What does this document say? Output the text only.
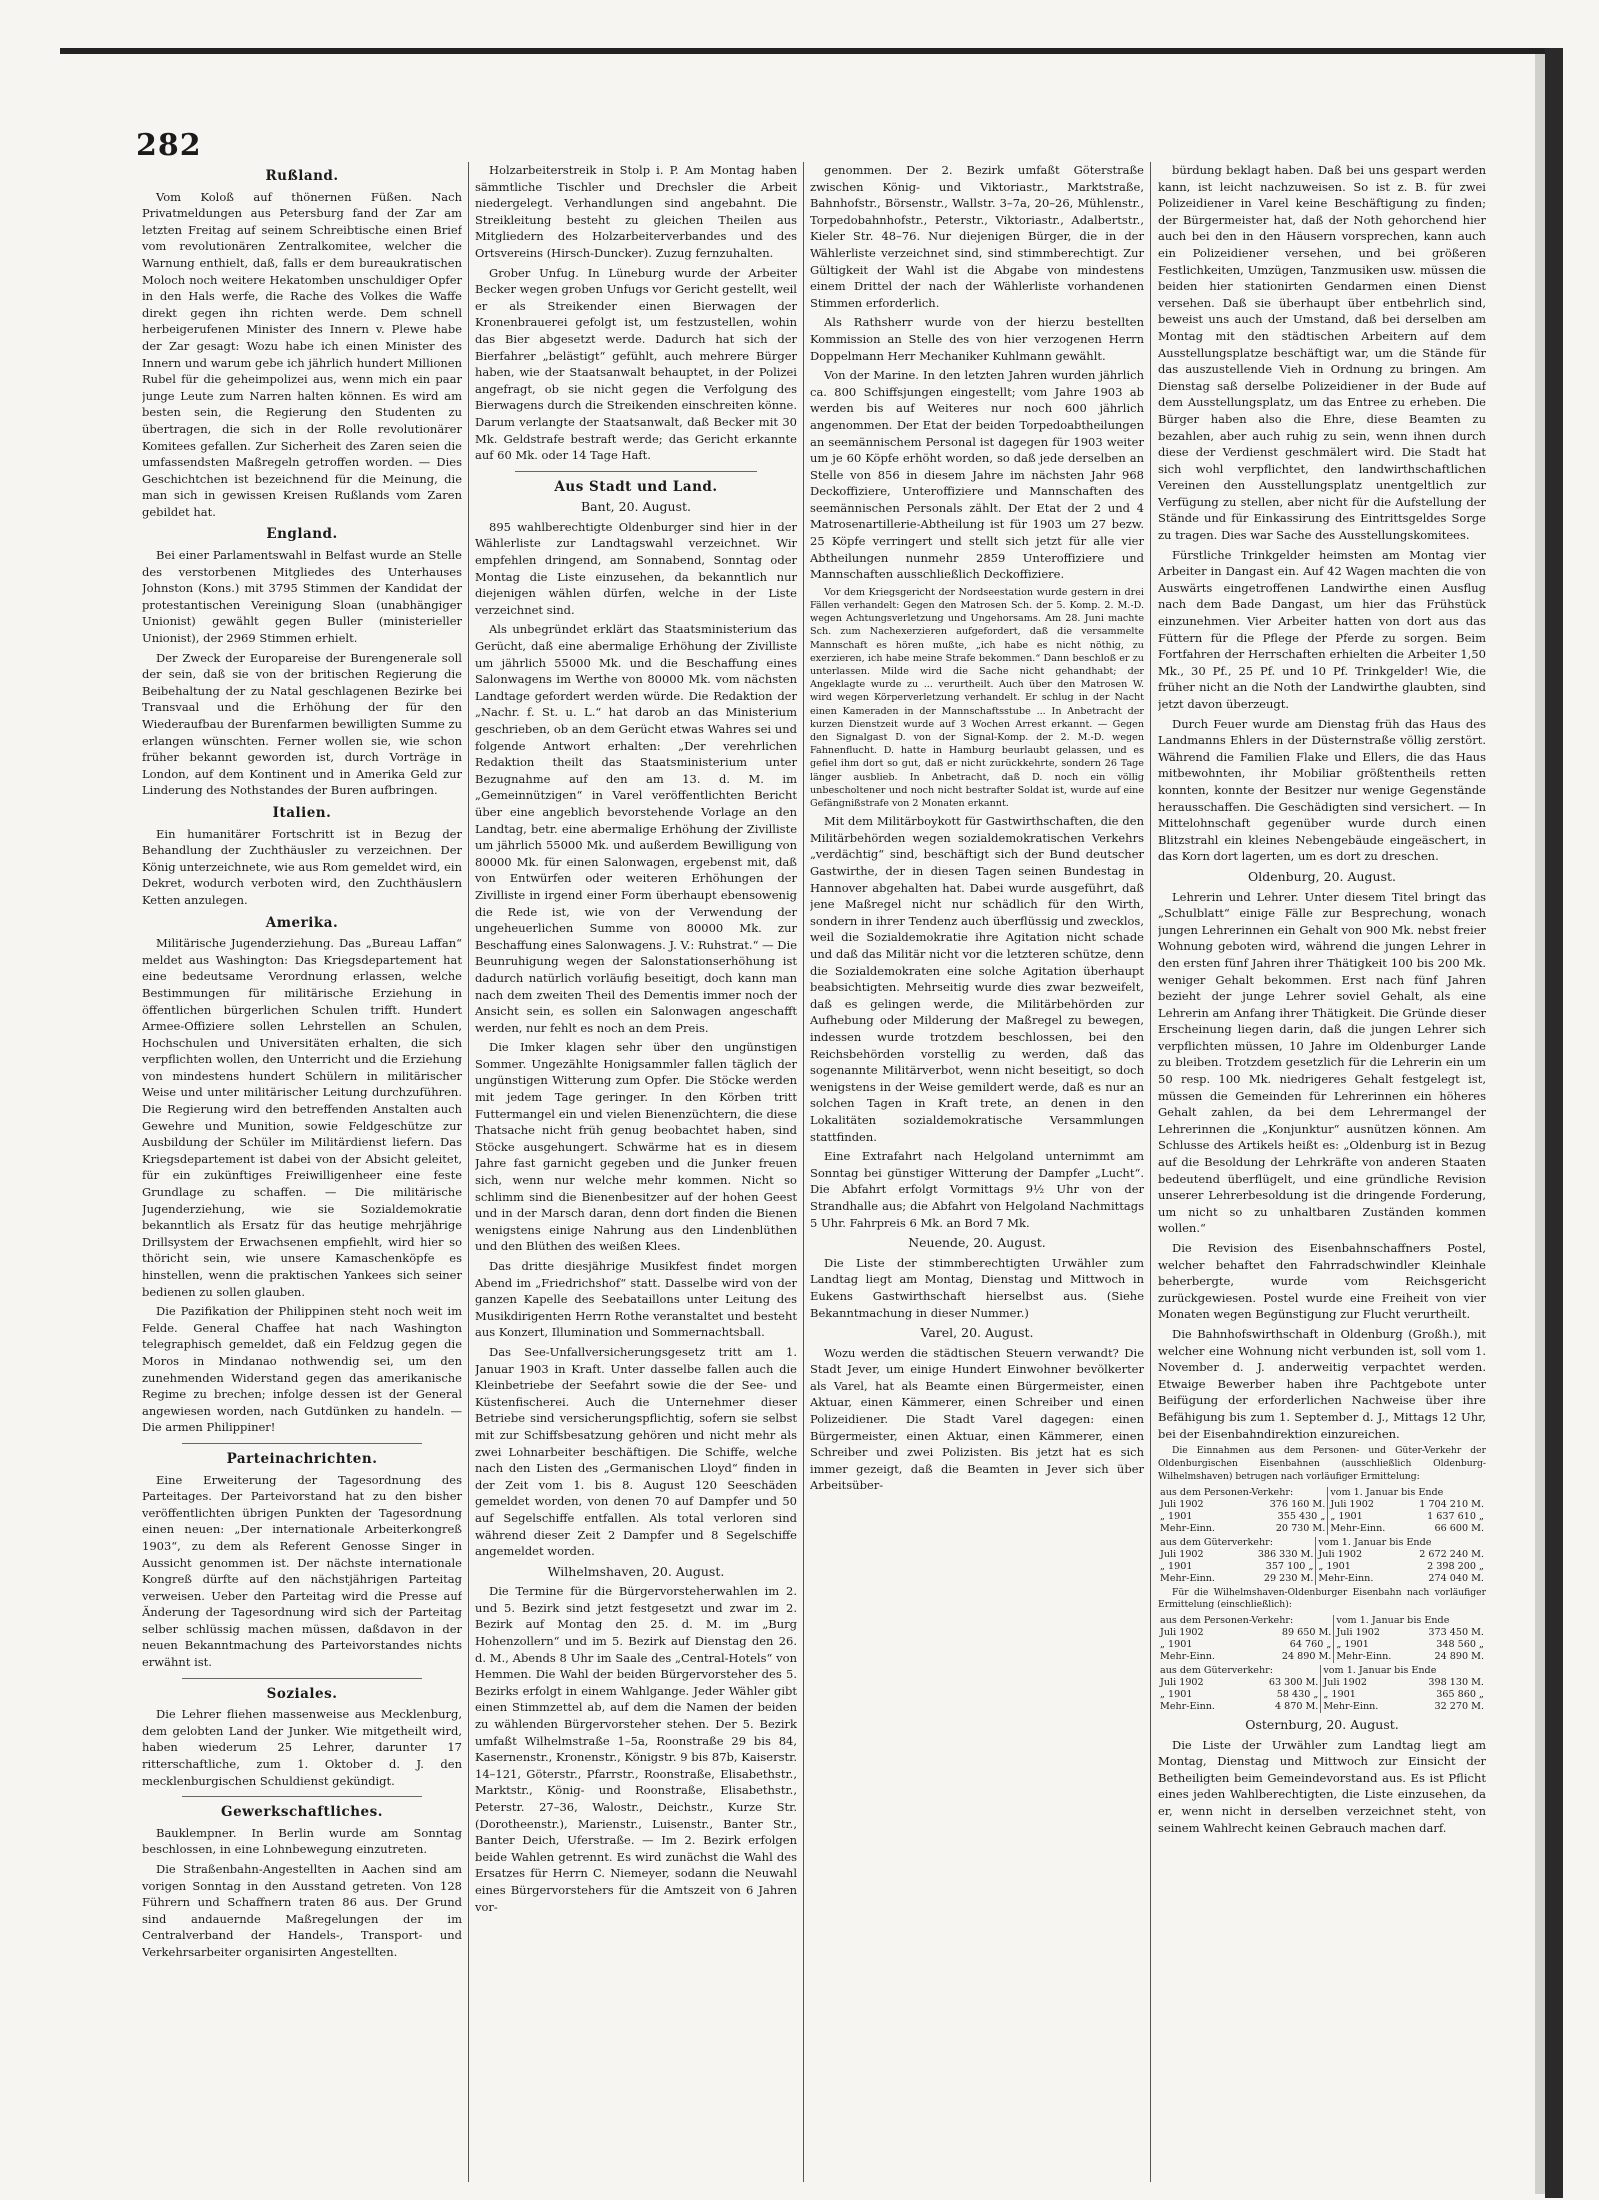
282
Rußland.

Vom Koloß auf thönernen Füßen. Nach Privatmeldungen aus Petersburg fand der Zar am letzten Freitag auf seinem Schreibtische einen Brief vom revolutionären Zentralkomitee, welcher die Warnung enthielt, daß, falls er dem bureaukratischen Moloch noch weitere Hekatomben unschuldiger Opfer in den Hals werfe, die Rache des Volkes die Waffe direkt gegen ihn richten werde. Dem schnell herbeigerufenen Minister des Innern v. Plewe habe der Zar gesagt: Wozu habe ich einen Minister des Innern und warum gebe ich jährlich hundert Millionen Rubel für die geheimpolizei aus, wenn mich ein paar junge Leute zum Narren halten können. Es wird am besten sein, die Regierung den Studenten zu übertragen, die sich in der Rolle revolutionärer Komitees gefallen. Zur Sicherheit des Zaren seien die umfassendsten Maßregeln getroffen worden. — Dies Geschichtchen ist bezeichnend für die Meinung, die man sich in gewissen Kreisen Rußlands vom Zaren gebildet hat.

England.

Bei einer Parlamentswahl in Belfast wurde an Stelle des verstorbenen Mitgliedes des Unterhauses Johnston (Kons.) mit 3795 Stimmen der Kandidat der protestantischen Vereinigung Sloan (unabhängiger Unionist) gewählt gegen Buller (ministerieller Unionist), der 2969 Stimmen erhielt.

Der Zweck der Europareise der Burengenerale soll der sein, daß sie von der britischen Regierung die Beibehaltung der zu Natal geschlagenen Bezirke bei Transvaal und die Erhöhung der für den Wiederaufbau der Burenfarmen bewilligten Summe zu erlangen wünschten. Ferner wollen sie, wie schon früher bekannt geworden ist, durch Vorträge in London, auf dem Kontinent und in Amerika Geld zur Linderung des Nothstandes der Buren aufbringen.

Italien.

Ein humanitärer Fortschritt ist in Bezug der Behandlung der Zuchthäusler zu verzeichnen. Der König unterzeichnete, wie aus Rom gemeldet wird, ein Dekret, wodurch verboten wird, den Zuchthäuslern Ketten anzulegen.

Amerika.

Militärische Jugenderziehung. Das „Bureau Laffan“ meldet aus Washington: Das Kriegsdepartement hat eine bedeutsame Verordnung erlassen, welche Bestimmungen für militärische Erziehung in öffentlichen bürgerlichen Schulen trifft. Hundert Armee-Offiziere sollen Lehrstellen an Schulen, Hochschulen und Universitäten erhalten, die sich verpflichten wollen, den Unterricht und die Erziehung von mindestens hundert Schülern in militärischer Weise und unter militärischer Leitung durchzuführen. Die Regierung wird den betreffenden Anstalten auch Gewehre und Munition, sowie Feldgeschütze zur Ausbildung der Schüler im Militärdienst liefern. Das Kriegsdepartement ist dabei von der Absicht geleitet, für ein zukünftiges Freiwilligenheer eine feste Grundlage zu schaffen. — Die militärische Jugenderziehung, wie sie Sozialdemokratie bekanntlich als Ersatz für das heutige mehrjährige Drillsystem der Erwachsenen empfiehlt, wird hier so thöricht sein, wie unsere Kamaschenköpfe es hinstellen, wenn die praktischen Yankees sich seiner bedienen zu sollen glauben.

Die Pazifikation der Philippinen steht noch weit im Felde. General Chaffee hat nach Washington telegraphisch gemeldet, daß ein Feldzug gegen die Moros in Mindanao nothwendig sei, um den zunehmenden Widerstand gegen das amerikanische Regime zu brechen; infolge dessen ist der General angewiesen worden, nach Gutdünken zu handeln. — Die armen Philippiner!

Parteinachrichten.

Eine Erweiterung der Tagesordnung des Parteitages. Der Parteivorstand hat zu den bisher veröffentlichten übrigen Punkten der Tagesordnung einen neuen: „Der internationale Arbeiterkongreß 1903“, zu dem als Referent Genosse Singer in Aussicht genommen ist. Der nächste internationale Kongreß dürfte auf den nächstjährigen Parteitag verweisen. Ueber den Parteitag wird die Presse auf Änderung der Tagesordnung wird sich der Parteitag selber schlüssig machen müssen, daßdavon in der neuen Bekanntmachung des Parteivorstandes nichts erwähnt ist.

Soziales.

Die Lehrer fliehen massenweise aus Mecklenburg, dem gelobten Land der Junker. Wie mitgetheilt wird, haben wiederum 25 Lehrer, darunter 17 ritterschaftliche, zum 1. Oktober d. J. den mecklenburgischen Schuldienst gekündigt.

Gewerkschaftliches.

Bauklempner. In Berlin wurde am Sonntag beschlossen, in eine Lohnbewegung einzutreten.

Die Straßenbahn-Angestellten in Aachen sind am vorigen Sonntag in den Ausstand getreten. Von 128 Führern und Schaffnern traten 86 aus. Der Grund sind andauernde Maßregelungen der im Centralverband der Handels-, Transport- und Verkehrsarbeiter organisirten Angestellten.

Holzarbeiterstreik in Stolp i. P. Am Montag haben sämmtliche Tischler und Drechsler die Arbeit niedergelegt. Verhandlungen sind angebahnt. Die Streikleitung besteht zu gleichen Theilen aus Mitgliedern des Holzarbeiterverbandes und des Ortsvereins (Hirsch-Duncker). Zuzug fernzuhalten.

Grober Unfug. In Lüneburg wurde der Arbeiter Becker wegen groben Unfugs vor Gericht gestellt, weil er als Streikender einen Bierwagen der Kronenbrauerei gefolgt ist, um festzustellen, wohin das Bier abgesetzt werde. Dadurch hat sich der Bierfahrer „belästigt“ gefühlt, auch mehrere Bürger haben, wie der Staatsanwalt behauptet, in der Polizei angefragt, ob sie nicht gegen die Verfolgung des Bierwagens durch die Streikenden einschreiten könne. Darum verlangte der Staatsanwalt, daß Becker mit 30 Mk. Geldstrafe bestraft werde; das Gericht erkannte auf 60 Mk. oder 14 Tage Haft.

Aus Stadt und Land.
Bant, 20. August.

895 wahlberechtigte Oldenburger sind hier in der Wählerliste zur Landtagswahl verzeichnet. Wir empfehlen dringend, am Sonnabend, Sonntag oder Montag die Liste einzusehen, da bekanntlich nur diejenigen wählen dürfen, welche in der Liste verzeichnet sind.

Als unbegründet erklärt das Staatsministerium das Gerücht, daß eine abermalige Erhöhung der Zivilliste um jährlich 55000 Mk. und die Beschaffung eines Salonwagens im Werthe von 80000 Mk. vom nächsten Landtage gefordert werden würde. Die Redaktion der „Nachr. f. St. u. L.“ hat darob an das Ministerium geschrieben, ob an dem Gerücht etwas Wahres sei und folgende Antwort erhalten: „Der verehrlichen Redaktion theilt das Staatsministerium unter Bezugnahme auf den am 13. d. M. im „Gemeinnützigen“ in Varel veröffentlichten Bericht über eine angeblich bevorstehende Vorlage an den Landtag, betr. eine abermalige Erhöhung der Zivilliste um jährlich 55000 Mk. und außerdem Bewilligung von 80000 Mk. für einen Salonwagen, ergebenst mit, daß von Entwürfen oder weiteren Erhöhungen der Zivilliste in irgend einer Form überhaupt ebensowenig die Rede ist, wie von der Verwendung der ungeheuerlichen Summe von 80000 Mk. zur Beschaffung eines Salonwagens. J. V.: Ruhstrat.“ — Die Beunruhigung wegen der Salonstationserhöhung ist dadurch natürlich vorläufig beseitigt, doch kann man nach dem zweiten Theil des Dementis immer noch der Ansicht sein, es sollen ein Salonwagen angeschafft werden, nur fehlt es noch an dem Preis.

Die Imker klagen sehr über den ungünstigen Sommer. Ungezählte Honigsammler fallen täglich der ungünstigen Witterung zum Opfer. Die Stöcke werden mit jedem Tage geringer. In den Körben tritt Futtermangel ein und vielen Bienenzüchtern, die diese Thatsache nicht früh genug beobachtet haben, sind Stöcke ausgehungert. Schwärme hat es in diesem Jahre fast garnicht gegeben und die Junker freuen sich, wenn nur welche mehr kommen. Nicht so schlimm sind die Bienenbesitzer auf der hohen Geest und in der Marsch daran, denn dort finden die Bienen wenigstens einige Nahrung aus den Lindenblüthen und den Blüthen des weißen Klees.

Das dritte diesjährige Musikfest findet morgen Abend im „Friedrichshof“ statt. Dasselbe wird von der ganzen Kapelle des Seebataillons unter Leitung des Musikdirigenten Herrn Rothe veranstaltet und besteht aus Konzert, Illumination und Sommernachtsball.

Das See-Unfallversicherungsgesetz tritt am 1. Januar 1903 in Kraft. Unter dasselbe fallen auch die Kleinbetriebe der Seefahrt sowie die der See- und Küstenfischerei. Auch die Unternehmer dieser Betriebe sind versicherungspflichtig, sofern sie selbst mit zur Schiffsbesatzung gehören und nicht mehr als zwei Lohnarbeiter beschäftigen. Die Schiffe, welche nach den Listen des „Germanischen Lloyd“ finden in der Zeit vom 1. bis 8. August 120 Seeschäden gemeldet worden, von denen 70 auf Dampfer und 50 auf Segelschiffe entfallen. Als total verloren sind während dieser Zeit 2 Dampfer und 8 Segelschiffe angemeldet worden.

Wilhelmshaven, 20. August.

Die Termine für die Bürgervorsteherwahlen im 2. und 5. Bezirk sind jetzt festgesetzt und zwar im 2. Bezirk auf Montag den 25. d. M. im „Burg Hohenzollern“ und im 5. Bezirk auf Dienstag den 26. d. M., Abends 8 Uhr im Saale des „Central-Hotels“ von Hemmen. Die Wahl der beiden Bürgervorsteher des 5. Bezirks erfolgt in einem Wahlgange. Jeder Wähler gibt einen Stimmzettel ab, auf dem die Namen der beiden zu wählenden Bürgervorsteher stehen. Der 5. Bezirk umfaßt Wilhelmstraße 1–5a, Roonstraße 29 bis 84, Kasernenstr., Kronenstr., Königstr. 9 bis 87b, Kaiserstr. 14–121, Göterstr., Pfarrstr., Roonstraße, Elisabethstr., Marktstr., König- und Roonstraße, Elisabethstr., Peterstr. 27–36, Walostr., Deichstr., Kurze Str. (Dorotheenstr.), Marienstr., Luisenstr., Banter Str., Banter Deich, Uferstraße. — Im 2. Bezirk erfolgen beide Wahlen getrennt. Es wird zunächst die Wahl des Ersatzes für Herrn C. Niemeyer, sodann die Neuwahl eines Bürgervorstehers für die Amtszeit von 6 Jahren vor-

genommen. Der 2. Bezirk umfaßt Göterstraße zwischen König- und Viktoriastr., Marktstraße, Bahnhofstr., Börsenstr., Wallstr. 3–7a, 20–26, Mühlenstr., Torpedobahnhofstr., Peterstr., Viktoriastr., Adalbertstr., Kieler Str. 48–76. Nur diejenigen Bürger, die in der Wählerliste verzeichnet sind, sind stimmberechtigt. Zur Gültigkeit der Wahl ist die Abgabe von mindestens einem Drittel der nach der Wählerliste vorhandenen Stimmen erforderlich.

Als Rathsherr wurde von der hierzu bestellten Kommission an Stelle des von hier verzogenen Herrn Doppelmann Herr Mechaniker Kuhlmann gewählt.

Von der Marine. In den letzten Jahren wurden jährlich ca. 800 Schiffsjungen eingestellt; vom Jahre 1903 ab werden bis auf Weiteres nur noch 600 jährlich angenommen. Der Etat der beiden Torpedoabtheilungen an seemännischem Personal ist dagegen für 1903 weiter um je 60 Köpfe erhöht worden, so daß jede derselben an Stelle von 856 in diesem Jahre im nächsten Jahr 968 Deckoffiziere, Unteroffiziere und Mannschaften des seemännischen Personals zählt. Der Etat der 2 und 4 Matrosenartillerie-Abtheilung ist für 1903 um 27 bezw. 25 Köpfe verringert und stellt sich jetzt für alle vier Abtheilungen nunmehr 2859 Unteroffiziere und Mannschaften ausschließlich Deckoffiziere.

Vor dem Kriegsgericht der Nordseestation wurde gestern in drei Fällen verhandelt: Gegen den Matrosen Sch. der 5. Komp. 2. M.-D. wegen Achtungsverletzung und Ungehorsams. Am 28. Juni machte Sch. zum Nachexerzieren aufgefordert, daß die versammelte Mannschaft es hören mußte, „ich habe es nicht nöthig, zu exerzieren, ich habe meine Strafe bekommen.“ Dann beschloß er zu unterlassen. Milde wird die Sache nicht gehandhabt; der Angeklagte wurde zu ... verurtheilt. Auch über den Matrosen W. wird wegen Körperverletzung verhandelt. Er schlug in der Nacht einen Kameraden in der Mannschaftsstube ... In Anbetracht der kurzen Dienstzeit wurde auf 3 Wochen Arrest erkannt. — Gegen den Signalgast D. von der Signal-Komp. der 2. M.-D. wegen Fahnenflucht. D. hatte in Hamburg beurlaubt gelassen, und es gefiel ihm dort so gut, daß er nicht zurückkehrte, sondern 26 Tage länger ausblieb. In Anbetracht, daß D. noch ein völlig unbescholtener und noch nicht bestrafter Soldat ist, wurde auf eine Gefängnißstrafe von 2 Monaten erkannt.

Mit dem Militärboykott für Gastwirthschaften, die den Militärbehörden wegen sozialdemokratischen Verkehrs „verdächtig“ sind, beschäftigt sich der Bund deutscher Gastwirthe, der in diesen Tagen seinen Bundestag in Hannover abgehalten hat. Dabei wurde ausgeführt, daß jene Maßregel nicht nur schädlich für den Wirth, sondern in ihrer Tendenz auch überflüssig und zwecklos, weil die Sozialdemokratie ihre Agitation nicht schade und daß das Militär nicht vor die letzteren schütze, denn die Sozialdemokraten eine solche Agitation überhaupt beabsichtigten. Mehrseitig wurde dies zwar bezweifelt, daß es gelingen werde, die Militärbehörden zur Aufhebung oder Milderung der Maßregel zu bewegen, indessen wurde trotzdem beschlossen, bei den Reichsbehörden vorstellig zu werden, daß das sogenannte Militärverbot, wenn nicht beseitigt, so doch wenigstens in der Weise gemildert werde, daß es nur an solchen Tagen in Kraft trete, an denen in den Lokalitäten sozialdemokratische Versammlungen stattfinden.

Eine Extrafahrt nach Helgoland unternimmt am Sonntag bei günstiger Witterung der Dampfer „Lucht“. Die Abfahrt erfolgt Vormittags 9½ Uhr von der Strandhalle aus; die Abfahrt von Helgoland Nachmittags 5 Uhr. Fahrpreis 6 Mk. an Bord 7 Mk.

Neuende, 20. August.

Die Liste der stimmberechtigten Urwähler zum Landtag liegt am Montag, Dienstag und Mittwoch in Eukens Gastwirthschaft hierselbst aus. (Siehe Bekanntmachung in dieser Nummer.)

Varel, 20. August.

Wozu werden die städtischen Steuern verwandt? Die Stadt Jever, um einige Hundert Einwohner bevölkerter als Varel, hat als Beamte einen Bürgermeister, einen Aktuar, einen Kämmerer, einen Schreiber und einen Polizeidiener. Die Stadt Varel dagegen: einen Bürgermeister, einen Aktuar, einen Kämmerer, einen Schreiber und zwei Polizisten. Bis jetzt hat es sich immer gezeigt, daß die Beamten in Jever sich über Arbeitsüber-

bürdung beklagt haben. Daß bei uns gespart werden kann, ist leicht nachzuweisen. So ist z. B. für zwei Polizeidiener in Varel keine Beschäftigung zu finden; der Bürgermeister hat, daß der Noth gehorchend hier auch bei den in den Häusern vorsprechen, kann auch ein Polizeidiener versehen, und bei größeren Festlichkeiten, Umzügen, Tanzmusiken usw. müssen die beiden hier stationirten Gendarmen einen Dienst versehen. Daß sie überhaupt über entbehrlich sind, beweist uns auch der Umstand, daß bei derselben am Montag mit den städtischen Arbeitern auf dem Ausstellungsplatze beschäftigt war, um die Stände für das auszustellende Vieh in Ordnung zu bringen. Am Dienstag saß derselbe Polizeidiener in der Bude auf dem Ausstellungsplatz, um das Entree zu erheben. Die Bürger haben also die Ehre, diese Beamten zu bezahlen, aber auch ruhig zu sein, wenn ihnen durch diese der Verdienst geschmälert wird. Die Stadt hat sich wohl verpflichtet, den landwirthschaftlichen Vereinen den Ausstellungsplatz unentgeltlich zur Verfügung zu stellen, aber nicht für die Aufstellung der Stände und für Einkassirung des Eintrittsgeldes Sorge zu tragen. Dies war Sache des Ausstellungskomitees.

Fürstliche Trinkgelder heimsten am Montag vier Arbeiter in Dangast ein. Auf 42 Wagen machten die von Auswärts eingetroffenen Landwirthe einen Ausflug nach dem Bade Dangast, um hier das Frühstück einzunehmen. Vier Arbeiter hatten von dort aus das Füttern für die Pflege der Pferde zu sorgen. Beim Fortfahren der Herrschaften erhielten die Arbeiter 1,50 Mk., 30 Pf., 25 Pf. und 10 Pf. Trinkgelder! Wie, die früher nicht an die Noth der Landwirthe glaubten, sind jetzt davon überzeugt.

Durch Feuer wurde am Dienstag früh das Haus des Landmanns Ehlers in der Düsternstraße völlig zerstört. Während die Familien Flake und Ellers, die das Haus mitbewohnten, ihr Mobiliar größtentheils retten konnten, konnte der Besitzer nur wenige Gegenstände herausschaffen. Die Geschädigten sind versichert. — In Mittelohnschaft gegenüber wurde durch einen Blitzstrahl ein kleines Nebengebäude eingeäschert, in das Korn dort lagerten, um es dort zu dreschen.

Oldenburg, 20. August.

Lehrerin und Lehrer. Unter diesem Titel bringt das „Schulblatt“ einige Fälle zur Besprechung, wonach jungen Lehrerinnen ein Gehalt von 900 Mk. nebst freier Wohnung geboten wird, während die jungen Lehrer in den ersten fünf Jahren ihrer Thätigkeit 100 bis 200 Mk. weniger Gehalt bekommen. Erst nach fünf Jahren bezieht der junge Lehrer soviel Gehalt, als eine Lehrerin am Anfang ihrer Thätigkeit. Die Gründe dieser Erscheinung liegen darin, daß die jungen Lehrer sich verpflichten müssen, 10 Jahre im Oldenburger Lande zu bleiben. Trotzdem gesetzlich für die Lehrerin ein um 50 resp. 100 Mk. niedrigeres Gehalt festgelegt ist, müssen die Gemeinden für Lehrerinnen ein höheres Gehalt zahlen, da bei dem Lehrermangel der Lehrerinnen die „Konjunktur“ ausnützen können. Am Schlusse des Artikels heißt es: „Oldenburg ist in Bezug auf die Besoldung der Lehrkräfte von anderen Staaten bedeutend überflügelt, und eine gründliche Revision unserer Lehrerbesoldung ist die dringende Forderung, um nicht so zu unhaltbaren Zuständen kommen wollen.“

Die Revision des Eisenbahnschaffners Postel, welcher behaftet den Fahrradschwindler Kleinhale beherbergte, wurde vom Reichsgericht zurückgewiesen. Postel wurde eine Freiheit von vier Monaten wegen Begünstigung zur Flucht verurtheilt.

Die Bahnhofswirthschaft in Oldenburg (Großh.), mit welcher eine Wohnung nicht verbunden ist, soll vom 1. November d. J. anderweitig verpachtet werden. Etwaige Bewerber haben ihre Pachtgebote unter Beifügung der erforderlichen Nachweise über ihre Befähigung bis zum 1. September d. J., Mittags 12 Uhr, bei der Eisenbahndirektion einzureichen.

Die Einnahmen aus dem Personen- und Güter-Verkehr der Oldenburgischen Eisenbahnen (ausschließlich Oldenburg-Wilhelmshaven) betrugen nach vorläufiger Ermittelung:

aus dem Personen-Verkehr:		vom 1. Januar bis Ende	
Juli 1902	376 160 M.	Juli 1902	1 704 210 M.
„ 1901	355 430 „	„ 1901	1 637 610 „
Mehr-Einn.	20 730 M.	Mehr-Einn.	66 600 M.
aus dem Güterverkehr:		vom 1. Januar bis Ende	
Juli 1902	386 330 M.	Juli 1902	2 672 240 M.
„ 1901	357 100 „	„ 1901	2 398 200 „
Mehr-Einn.	29 230 M.	Mehr-Einn.	274 040 M.

Für die Wilhelmshaven-Oldenburger Eisenbahn nach vorläufiger Ermittelung (einschließlich):

aus dem Personen-Verkehr:		vom 1. Januar bis Ende	
Juli 1902	89 650 M.	Juli 1902	373 450 M.
„ 1901	64 760 „	„ 1901	348 560 „
Mehr-Einn.	24 890 M.	Mehr-Einn.	24 890 M.
aus dem Güterverkehr:		vom 1. Januar bis Ende	
Juli 1902	63 300 M.	Juli 1902	398 130 M.
„ 1901	58 430 „	„ 1901	365 860 „
Mehr-Einn.	4 870 M.	Mehr-Einn.	32 270 M.
Osternburg, 20. August.

Die Liste der Urwähler zum Landtag liegt am Montag, Dienstag und Mittwoch zur Einsicht der Betheiligten beim Gemeindevorstand aus. Es ist Pflicht eines jeden Wahlberechtigten, die Liste einzusehen, da er, wenn nicht in derselben verzeichnet steht, von seinem Wahlrecht keinen Gebrauch machen darf.
